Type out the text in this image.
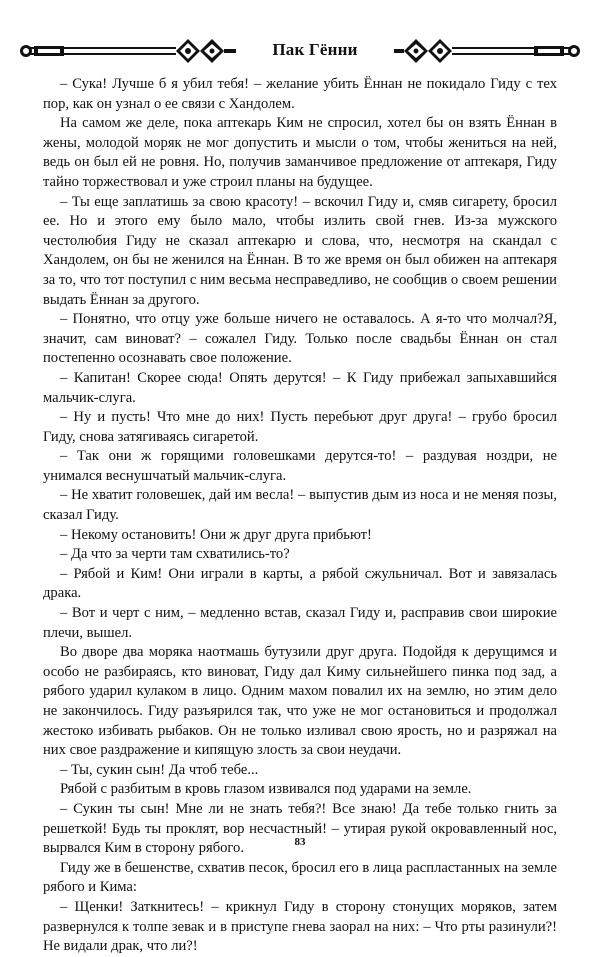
Пак Гённи

– Сука! Лучше б я убил тебя! – желание убить Ённан не покидало Гиду с тех пор, как он узнал о ее связи с Хандолем.

На самом же деле, пока аптекарь Ким не спросил, хотел бы он взять Ённан в жены, молодой моряк не мог допустить и мысли о том, чтобы жениться на ней, ведь он был ей не ровня. Но, получив заманчивое предложение от аптекаря, Гиду тайно торжествовал и уже строил планы на будущее.

– Ты еще заплатишь за свою красоту! – вскочил Гиду и, смяв сигарету, бросил ее. Но и этого ему было мало, чтобы излить свой гнев. Из-за мужского честолюбия Гиду не сказал аптекарю и слова, что, несмотря на скандал с Хандолем, он бы не женился на Ённан. В то же время он был обижен на аптекаря за то, что тот поступил с ним весьма несправедливо, не сообщив о своем решении выдать Ённан за другого.

– Понятно, что отцу уже больше ничего не оставалось. А я-то что молчал?Я, значит, сам виноват? – сожалел Гиду. Только после свадьбы Ённан он стал постепенно осознавать свое положение.

– Капитан! Скорее сюда! Опять дерутся! – К Гиду прибежал запыхавшийся мальчик-слуга.

– Ну и пусть! Что мне до них! Пусть перебьют друг друга! – грубо бросил Гиду, снова затягиваясь сигаретой.

– Так они ж горящими головешками дерутся-то! – раздувая ноздри, не унимался веснушчатый мальчик-слуга.

– Не хватит головешек, дай им весла! – выпустив дым из носа и не меняя позы, сказал Гиду.

– Некому остановить! Они ж друг друга прибьют!

– Да что за черти там схватились-то?

– Рябой и Ким! Они играли в карты, а рябой сжульничал. Вот и завязалась драка.

– Вот и черт с ним, – медленно встав, сказал Гиду и, расправив свои широкие плечи, вышел.

Во дворе два моряка наотмашь бутузили друг друга. Подойдя к дерущимся и особо не разбираясь, кто виноват, Гиду дал Киму сильнейшего пинка под зад, а рябого ударил кулаком в лицо. Одним махом повалил их на землю, но этим дело не закончилось. Гиду разъярился так, что уже не мог остановиться и продолжал жестоко избивать рыбаков. Он не только изливал свою ярость, но и разряжал на них свое раздражение и кипящую злость за свои неудачи.

– Ты, сукин сын! Да чтоб тебе...

Рябой с разбитым в кровь глазом извивался под ударами на земле.

– Сукин ты сын! Мне ли не знать тебя?! Все знаю! Да тебе только гнить за решеткой! Будь ты проклят, вор несчастный! – утирая рукой окровавленный нос, вырвался Ким в сторону рябого.

Гиду же в бешенстве, схватив песок, бросил его в лица распластанных на земле рябого и Кима:

– Щенки! Заткнитесь! – крикнул Гиду в сторону стонущих моряков, затем развернулся к толпе зевак и в приступе гнева заорал на них: – Что рты разинули?! Не видали драк, что ли?!

83
